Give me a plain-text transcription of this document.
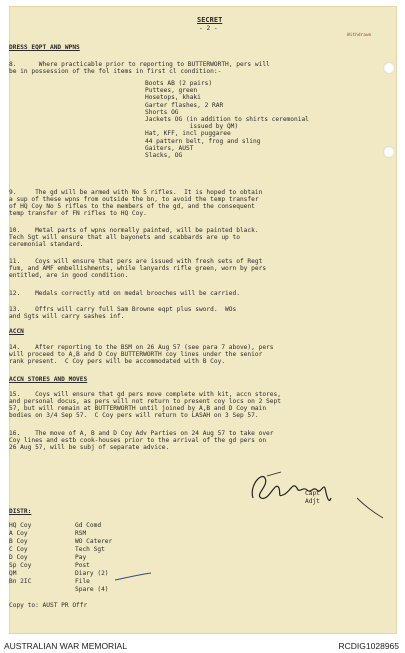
SECRET
- 2 -
Withdrawn
DRESS EQPT AND WPNS
8.      Where practicable prior to reporting to BUTTERWORTH, pers will
be in possession of the fol items in first cl condition:-
Boots AB (2 pairs)
Puttees, green
Hosetops, khaki
Garter flashes, 2 RAR
Shorts OG
Jackets OG (in addition to shirts ceremonial
issued by QM)
Hat, KFF, incl puggaree
44 pattern belt, frog and sling
Gaiters, AUST
Slacks, OG
9.     The gd will be armed with No 5 rifles.  It is hoped to obtain
a sup of these wpns from outside the bn, to avoid the temp transfer
of HQ Coy No 5 rifles to the members of the gd, and the consequent
temp transfer of FN rifles to HQ Coy.
10.    Metal parts of wpns normally painted, will be painted black.
Tech Sgt will ensure that all bayonets and scabbards are up to
ceremonial standard.
11.    Coys will ensure that pers are issued with fresh sets of Regt
fum, and AMF embellishments, while lanyards rifle green, worn by pers
entitled, are in good condition.
12.    Medals correctly mtd on medal brooches will be carried.
13.    Offrs will carry full Sam Browne eqpt plus sword.  WOs
and Sgts will carry sashes inf.
ACCN
14.    After reporting to the BSM on 26 Aug 57 (see para 7 above), pers
will proceed to A,B and D Coy BUTTERWORTH coy lines under the senior
rank present.  C Coy pers will be accommodated with B Coy.
ACCN STORES AND MOVES
15.    Coys will ensure that gd pers move complete with kit, accn stores,
and personal docus, as pers will not return to present coy locs on 2 Sept
57, but will remain at BUTTERWORTH until joined by A,B and D Coy main
bodies on 3/4 Sep 57.  C Coy pers will return to LASAH on 3 Sep 57.
16.    The move of A, B and D Coy Adv Parties on 24 Aug 57 to take over
Coy lines and estb cook-houses prior to the arrival of the gd pers on
26 Aug 57, will be subj of separate advice.
Capt
Adjt
DISTR:
HQ Coy
A Coy
B Coy
C Coy
D Coy
Sp Coy
QM
Bn 2IC
Gd Comd
RSM
WO Caterer
Tech Sgt
Pay
Post
Diary (2)
File
Spare (4)
Copy to: AUST PR Offr
AUSTRALIAN WAR MEMORIAL	RCDIG1028965
